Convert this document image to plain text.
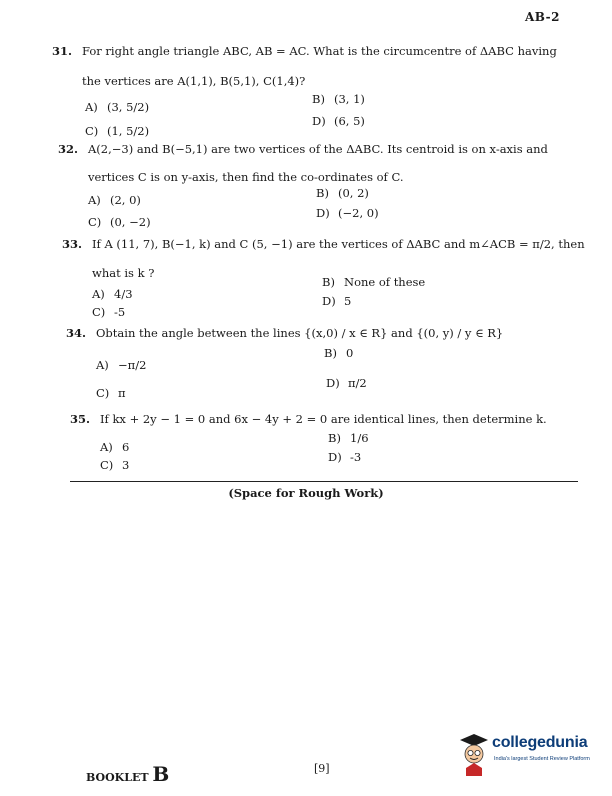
AB-2
31. For right angle triangle ABC, AB = AC. What is the circumcentre of ΔABC having
the vertices are A(1,1), B(5,1), C(1,4)?
A) (3, 5/2)
B) (3, 1)
C) (1, 5/2)
D) (6, 5)
32. A(2,−3) and B(−5,1) are two vertices of the ΔABC. Its centroid is on x-axis and
vertices C is on y-axis, then find the co-ordinates of C.
A) (2, 0)	B) (0, 2)
C) (0, −2)
D) (−2, 0)
33. If A (11, 7), B(−1, k) and C (5, −1) are the vertices of ΔABC and m∠ACB = π/2, then
what is k ?
A) 4/3
B) None of these
C) -5
D) 5
34. Obtain the angle between the lines {(x,0) / x ∈ R} and {(0, y) / y ∈ R}
A) −π/2
B) 0
C) π
D) π/2
35. If kx + 2y − 1 = 0 and 6x − 4y + 2 = 0 are identical lines, then determine k.
A) 6
B) 1/6
C) 3
D) -3
(Space for Rough Work)
BOOKLET B	[9]
collegedunia
India's largest Student Review Platform
